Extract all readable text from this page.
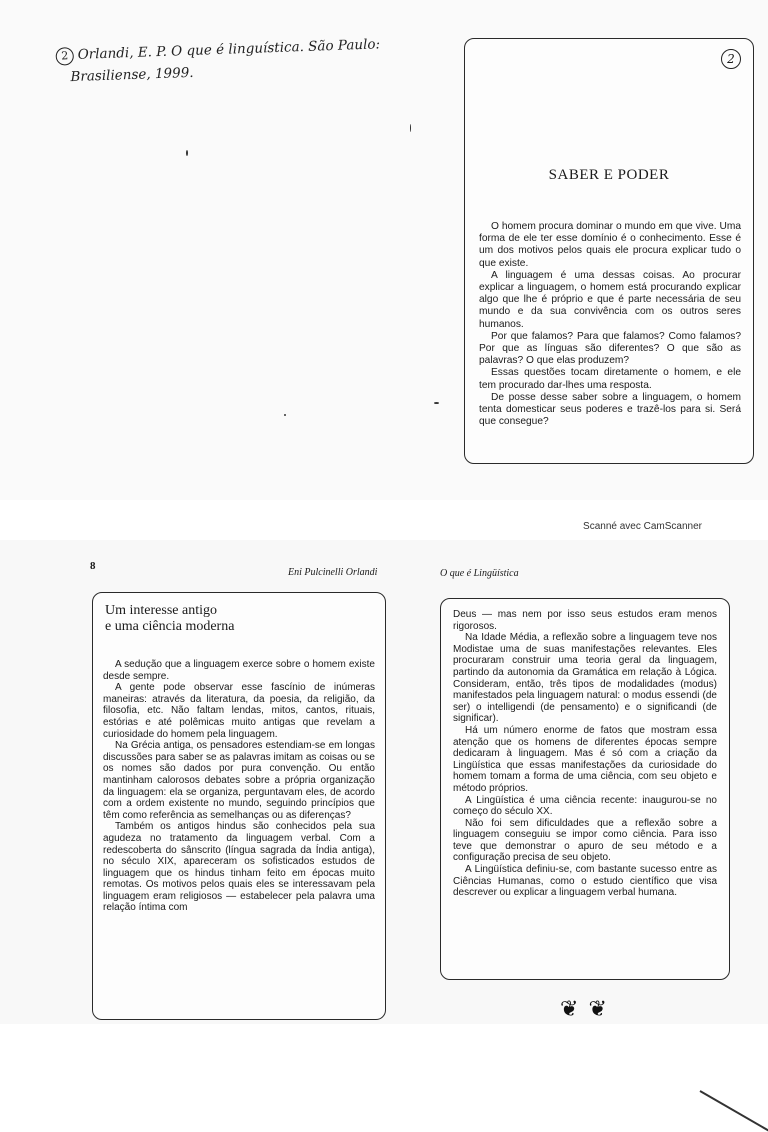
2 Orlandi, E. P. O que é linguística. São Paulo:
Brasiliense, 1999.
2
SABER E PODER

O homem procura dominar o mundo em que vive. Uma forma de ele ter esse domínio é o conhecimento. Esse é um dos motivos pelos quais ele procura explicar tudo o que existe.

A linguagem é uma dessas coisas. Ao procurar explicar a linguagem, o homem está procurando explicar algo que lhe é próprio e que é parte necessária de seu mundo e da sua convivência com os outros seres humanos.

Por que falamos? Para que falamos? Como falamos? Por que as línguas são diferentes? O que são as palavras? O que elas produzem?

Essas questões tocam diretamente o homem, e ele tem procurado dar-lhes uma resposta.

De posse desse saber sobre a linguagem, o homem tenta domesticar seus poderes e trazê-los para si. Será que consegue?

Scanné avec CamScanner
8
Eni Pulcinelli Orlandi	O que é Lingüística
Um interesse antigo
e uma ciência moderna

A sedução que a linguagem exerce sobre o homem existe desde sempre.

A gente pode observar esse fascínio de inúmeras maneiras: através da literatura, da poesia, da religião, da filosofia, etc. Não faltam lendas, mitos, cantos, rituais, estórias e até polêmicas muito antigas que revelam a curiosidade do homem pela linguagem.

Na Grécia antiga, os pensadores estendiam-se em longas discussões para saber se as palavras imitam as coisas ou se os nomes são dados por pura convenção. Ou então mantinham calorosos debates sobre a própria organização da linguagem: ela se organiza, perguntavam eles, de acordo com a ordem existente no mundo, seguindo princípios que têm como referência as semelhanças ou as diferenças?

Também os antigos hindus são conhecidos pela sua agudeza no tratamento da linguagem verbal. Com a redescoberta do sânscrito (língua sagrada da Índia antiga), no século XIX, apareceram os sofisticados estudos de linguagem que os hindus tinham feito em épocas muito remotas. Os motivos pelos quais eles se interessavam pela linguagem eram religiosos — estabelecer pela palavra uma relação íntima com

Deus — mas nem por isso seus estudos eram menos rigorosos.

Na Idade Média, a reflexão sobre a linguagem teve nos Modistae uma de suas manifestações relevantes. Eles procuraram construir uma teoria geral da linguagem, partindo da autonomia da Gramática em relação à Lógica. Consideram, então, três tipos de modalidades (modus) manifestados pela linguagem natural: o modus essendi (de ser) o intelligendi (de pensamento) e o significandi (de significar).

Há um número enorme de fatos que mostram essa atenção que os homens de diferentes épocas sempre dedicaram à linguagem. Mas é só com a criação da Lingüística que essas manifestações da curiosidade do homem tomam a forma de uma ciência, com seu objeto e método próprios.

A Lingüística é uma ciência recente: inaugurou-se no começo do século XX.

Não foi sem dificuldades que a reflexão sobre a linguagem conseguiu se impor como ciência. Para isso teve que demonstrar o apuro de seu método e a configuração precisa de seu objeto.

A Lingüística definiu-se, com bastante sucesso entre as Ciências Humanas, como o estudo científico que visa descrever ou explicar a linguagem verbal humana.

❦ ❦
